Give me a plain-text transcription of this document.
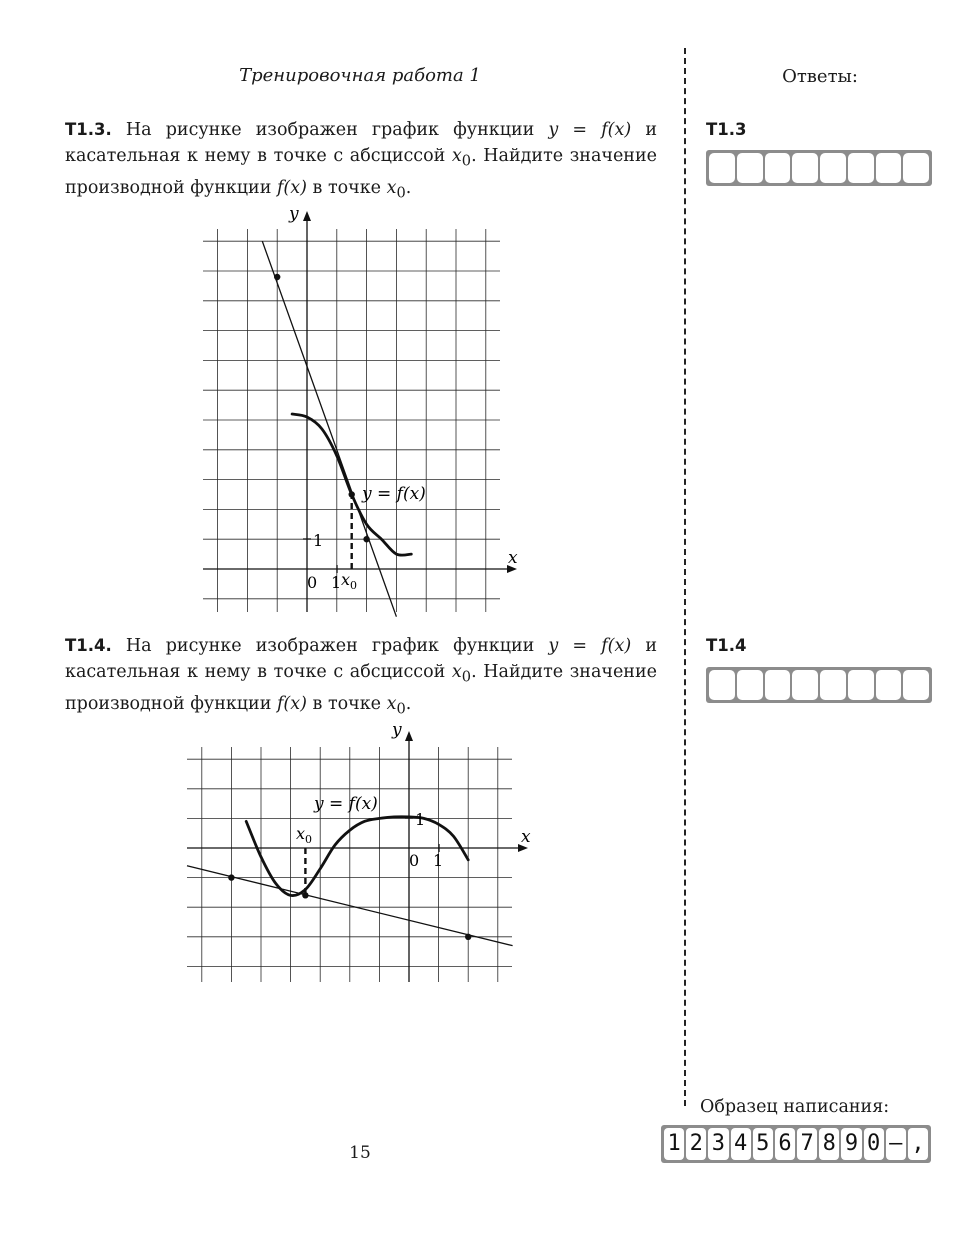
Тренировочная работа 1	Ответы:
T1.3. На рисунке изображен график функции y = f(x) и касательная к нему в точке с абсциссой $x_0$. Найдите значение производной функции f(x) в точке $x_0$.
T1.3
x
y
0 1
1
$x_0$
y = f(x)
T1.4. На рисунке изображен график функции y = f(x) и касательная к нему в точке с абсциссой $x_0$. Найдите значение производной функции f(x) в точке $x_0$.
T1.4
x
y
0 1
1
$x_0$
y = f(x)
Образец написания:
1 2 3 4 5 6 7 8 9 0 – ,
15
